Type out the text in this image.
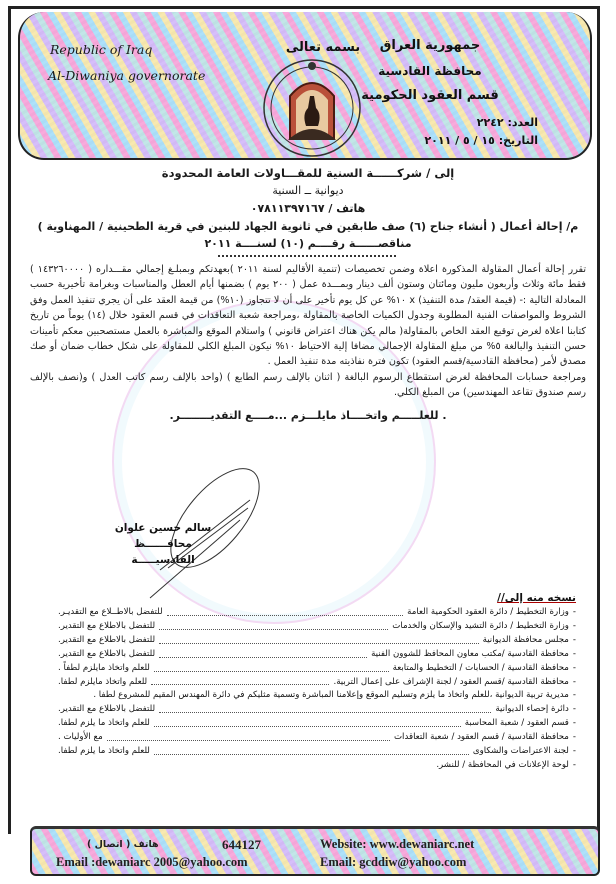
Republic of Iraq
Al-Diwaniya governorate
بسمه تعالى	جمهورية العراق
محافظة القادسية
قسم العقود الحكومية
العدد: ٢٢٤٢
التاريخ: ١٥ / ٥ / ٢٠١١
إلى / شركــــــة السنية للمقـــاولات العامة المحدودة
ديوانية ــ السنية
هاتف / ٠٧٨١١٣٩٧١٦٧
م/ إحالة أعمال ( أنشاء جناح (٦) صف طابقين في ثانوية الجهاد للبنين في قرية الطحينية / المهناوية )
مناقصــــــة رقــــم (١٠) لسنــــة ٢٠١١
تقرر إحالة أعمال المقاولة المذكورة اعلاة وضمن تخصيصات (تنمية الأقاليم لسنة ٢٠١١ )بعهدتكم وبمبلـغ إجمالي مقـــداره ( ١٤٣٢٦٠٠٠٠ ) فقط مائة وثلاث وأربعون مليون ومائتان وستون ألف دينار وبمـــدة عمل ( ٢٠٠ يوم ) بضمنها أيام العطل والمناسبات وبغرامة تأخيرية حسب المعادلة التالية :- (قيمة العقد/ مدة التنفيذ) x ١٠% عن كل يوم تأخير على أن لا تتجاوز (١٠%) من قيمة العقد على أن يجري تنفيذ العمل وفق الشروط والمواصفات الفنية المطلوبة وجدول الكميات الخاصة بالمقاولة ،ومراجعة شعبة التعاقدات في قسم العقود خلال (١٤) يوماً من تاريخ كتابنا اعلاة لغرض توقيع العقد الخاص بالمقاولة( مالم يكن هناك اعتراض قانوني ) واستلام الموقع والمباشرة بالعمل مستصحبين معكم تأمينات حسن التنفيذ والبالغة ٥% من مبلغ المقاولة الإجمالي مضافا إلية الاحتياط ١٠% نيكون المبلغ الكلي للمقاولة على شكل خطاب ضمان أو صك مصدق لأمر (محافظة القادسية/قسم العقود) تكون فترة نفاذيته مدة تنفيذ العمل .
ومراجعة حسابات المحافظة لغرض استقطاع الرسوم البالغة ( اثنان بالإلف رسم الطابع ) (واحد بالإلف رسم كاتب العدل ) و(نصف بالإلف رسم صندوق تقاعد المهندسين) من المبلغ الكلي.
. للعلـــــم واتخــــاذ مايلـــزم ...مــــع التقديــــــــر.
سالم حسين علوان
محافــــــظ القادسيـــــة
نسخه منه إلى//
-
وزارة التخطيط / دائرة العقود الحكومية العامة
للتفضل بالاطــلاع مع التقديـر.
-
وزارة التخطيط / دائرة التشيد والإسكان والخدمات
للتفضل بالاطلاع مع التقدير.
-
مجلس محافظة الديوانية
للتفضل بالاطلاع مع التقدير.
-
محافظة القادسية /مكتب معاون المحافظ للشوون الفنية
للتفضل بالاطلاع مع التقدير.
-
محافظة القادسية / الحسابات / التخطيط والمتابعة
للعلم واتخاذ مايلزم لطفاً .
-
محافظة القادسية /قسم العقود / لجنة الإشراف على إعمال التربية.
للعلم واتخاذ مايلزم لطفا.
-
مديرية تربية الديوانية ،للعلم واتخاذ ما يلزم وتسليم الموقع وإعلامنا المباشرة وتسمية مثليكم في دائرة المهندس المقيم للمشروع لطفا .
-
دائرة إحصاء الديوانية
للتفضل بالاطلاع مع التقدير.
-
قسم العقود / شعبة المحاسبة
للعلم واتخاذ ما يلزم لطفا.
-
محافظة القادسية / قسم العقود / شعبة التعاقدات
مع الأوليات .
-
لجنة الاعتراضات والشكاوى
للعلم واتخاذ ما يلزم لطفا.
-
لوحة الإعلانات في المحافظة / للنشر.
هاتف ( اتصال )	644127
Email :dewaniarc 2005@yahoo.com
Website: www.dewaniarc.net
Email: gcddiw@yahoo.com
